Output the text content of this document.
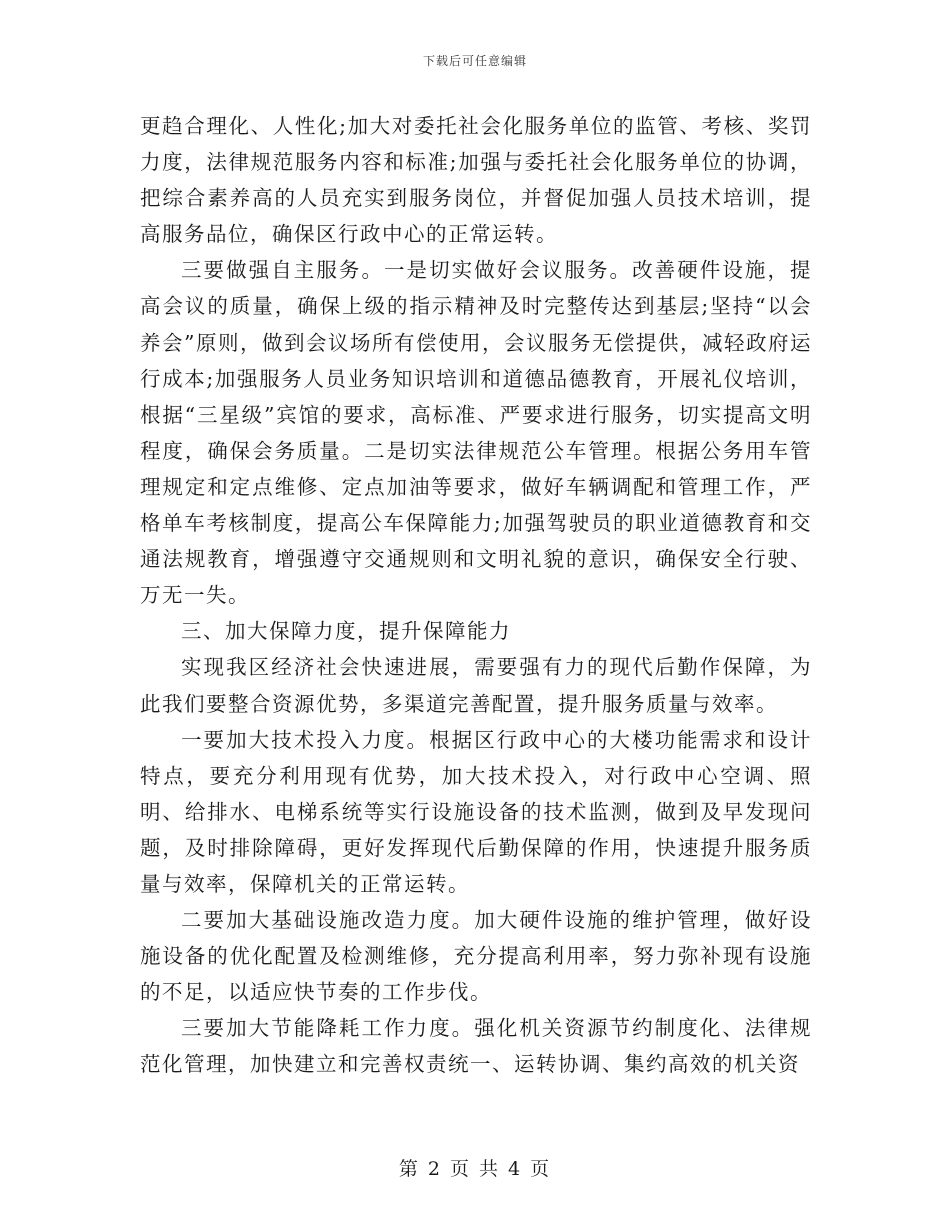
下载后可任意编辑

更趋合理化、人性化;加大对委托社会化服务单位的监管、考核、奖罚力度，法律规范服务内容和标准;加强与委托社会化服务单位的协调，把综合素养高的人员充实到服务岗位，并督促加强人员技术培训，提高服务品位，确保区行政中心的正常运转。

三要做强自主服务。一是切实做好会议服务。改善硬件设施，提高会议的质量，确保上级的指示精神及时完整传达到基层;坚持“以会养会”原则，做到会议场所有偿使用，会议服务无偿提供，减轻政府运行成本;加强服务人员业务知识培训和道德品德教育，开展礼仪培训，根据“三星级”宾馆的要求，高标准、严要求进行服务，切实提高文明程度，确保会务质量。二是切实法律规范公车管理。根据公务用车管理规定和定点维修、定点加油等要求，做好车辆调配和管理工作，严格单车考核制度，提高公车保障能力;加强驾驶员的职业道德教育和交通法规教育，增强遵守交通规则和文明礼貌的意识，确保安全行驶、万无一失。

三、加大保障力度，提升保障能力

实现我区经济社会快速进展，需要强有力的现代后勤作保障，为此我们要整合资源优势，多渠道完善配置，提升服务质量与效率。

一要加大技术投入力度。根据区行政中心的大楼功能需求和设计特点，要充分利用现有优势，加大技术投入，对行政中心空调、照明、给排水、电梯系统等实行设施设备的技术监测，做到及早发现问题，及时排除障碍，更好发挥现代后勤保障的作用，快速提升服务质量与效率，保障机关的正常运转。

二要加大基础设施改造力度。加大硬件设施的维护管理，做好设施设备的优化配置及检测维修，充分提高利用率，努力弥补现有设施的不足，以适应快节奏的工作步伐。

三要加大节能降耗工作力度。强化机关资源节约制度化、法律规范化管理，加快建立和完善权责统一、运转协调、集约高效的机关资

第 2 页 共 4 页
